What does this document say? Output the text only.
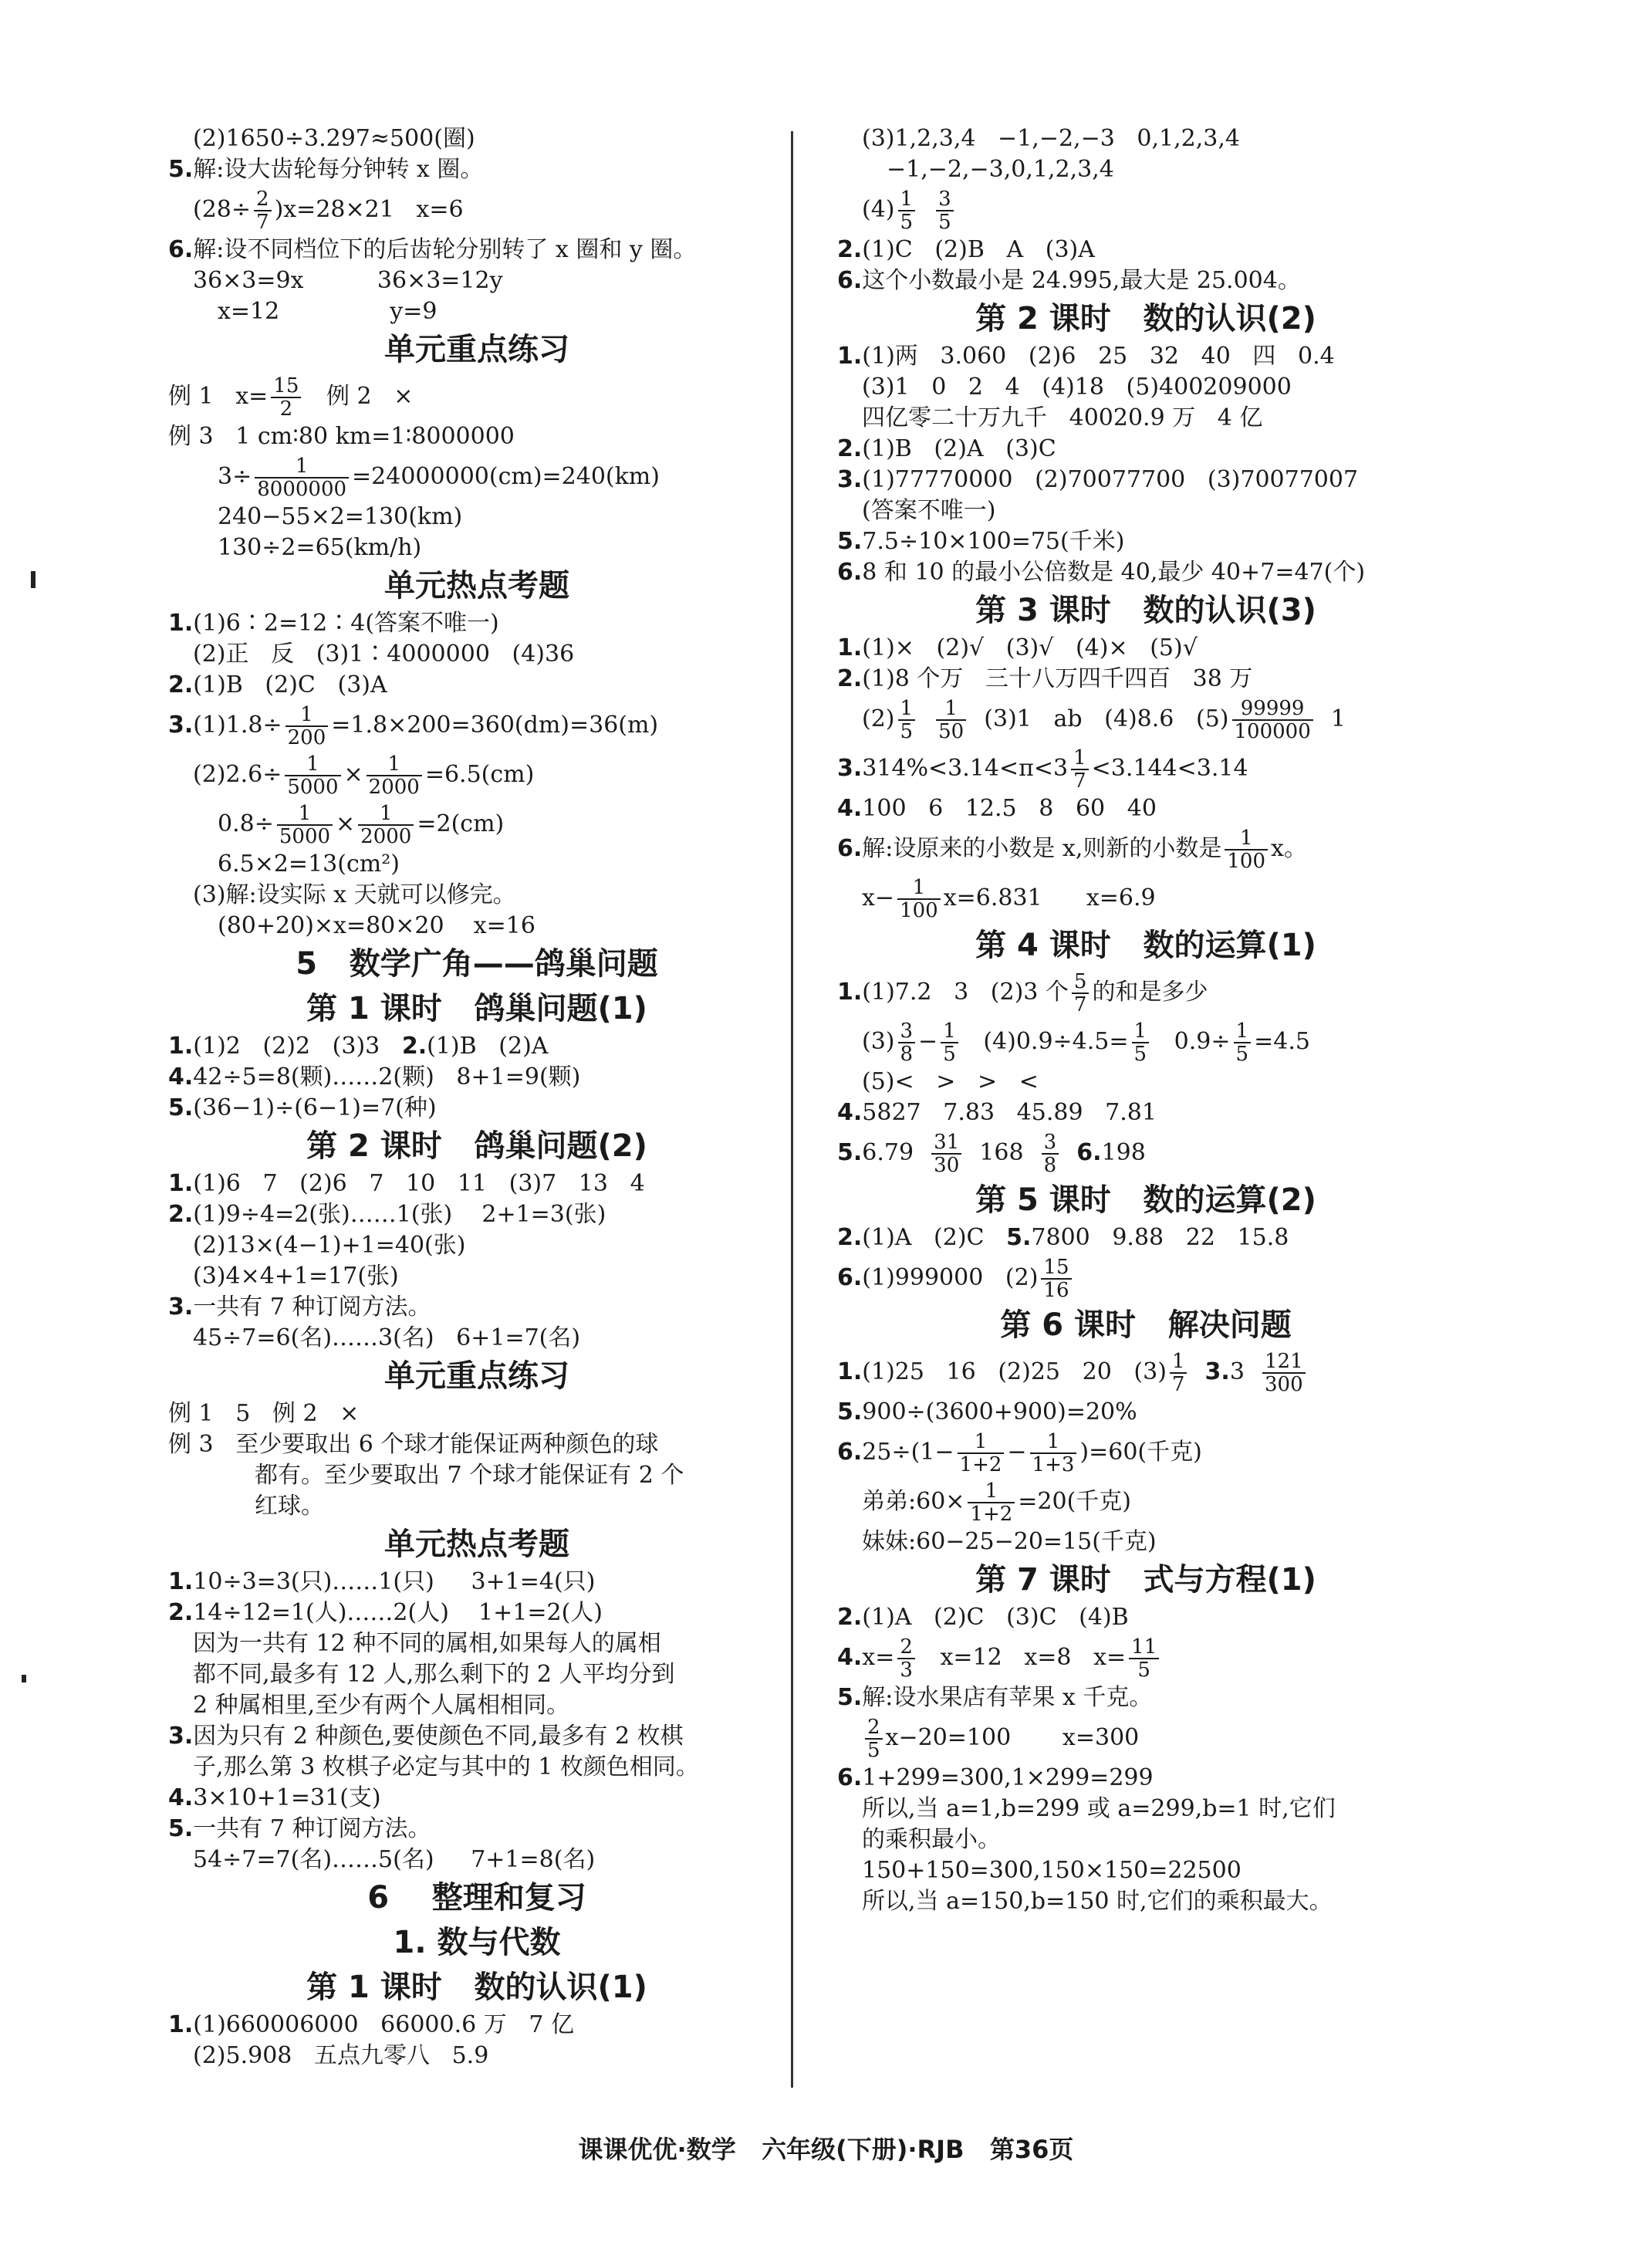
(2)1650÷3.297≈500(圈)
5.解:设大齿轮每分钟转 x 圈。
$(28\div \frac{2}{7} )x=28\times 21$   x=6
6.解:设不同档位下的后齿轮分别转了 x 圈和 y 圈。
36×3=9x          36×3=12y
x=12               y=9
单元重点练习
例 1   $x= \frac{15}{2}$ 例 2   ×
例 3   1 cm∶80 km=1∶8000000
$3\div \frac{1}{8000000} =24000000(cm)=240(km)$
240−55×2=130(km)
130÷2=65(km/h)
单元热点考题
1.(1)6∶2=12∶4(答案不唯一)
(2)正   反   (3)1∶4000000   (4)36
2.(1)B   (2)C   (3)A
$3.(1)1.8\div \frac{1}{200} =1.8\times 200=360(dm)=36(m)$
$(2)2.6\div \frac{1}{5000} \times \frac{1}{2000} =6.5(cm)$
$0.8\div \frac{1}{5000} \times \frac{1}{2000} =2(cm)$
6.5×2=13(cm²)
(3)解:设实际 x 天就可以修完。
(80+20)×x=80×20    x=16
5   数学广角——鸽巢问题
第 1 课时   鸽巢问题(1)
1.(1)2   (2)2   (3)3   2.(1)B   (2)A
4.42÷5=8(颗)……2(颗)   8+1=9(颗)
5.(36−1)÷(6−1)=7(种)
第 2 课时   鸽巢问题(2)
1.(1)6   7   (2)6   7   10   11   (3)7   13   4
2.(1)9÷4=2(张)……1(张)    2+1=3(张)
(2)13×(4−1)+1=40(张)
(3)4×4+1=17(张)
3.一共有 7 种订阅方法。
45÷7=6(名)……3(名)   6+1=7(名)
单元重点练习
例 1   5   例 2   ×
例 3   至少要取出 6 个球才能保证两种颜色的球
都有。至少要取出 7 个球才能保证有 2 个
红球。
单元热点考题
1.10÷3=3(只)……1(只)     3+1=4(只)
2.14÷12=1(人)……2(人)    1+1=2(人)
因为一共有 12 种不同的属相,如果每人的属相
都不同,最多有 12 人,那么剩下的 2 人平均分到
2 种属相里,至少有两个人属相相同。
3.因为只有 2 种颜色,要使颜色不同,最多有 2 枚棋
子,那么第 3 枚棋子必定与其中的 1 枚颜色相同。
4.3×10+1=31(支)
5.一共有 7 种订阅方法。
54÷7=7(名)……5(名)     7+1=8(名)
6    整理和复习
1. 数与代数
第 1 课时   数的认识(1)
1.(1)660006000   66000.6 万   7 亿
(2)5.908   五点九零八   5.9
(3)1,2,3,4   −1,−2,−3   0,1,2,3,4
−1,−2,−3,0,1,2,3,4
$(4) \frac{1}{5}$
$\frac{3}{5}$
2.(1)C   (2)B   A   (3)A
6.这个小数最小是 24.995,最大是 25.004。
第 2 课时   数的认识(2)
1.(1)两   3.060   (2)6   25   32   40   四   0.4
(3)1   0   2   4   (4)18   (5)400209000
四亿零二十万九千   40020.9 万   4 亿
2.(1)B   (2)A   (3)C
3.(1)77770000   (2)70077700   (3)70077007
(答案不唯一)
5.7.5÷10×100=75(千米)
6.8 和 10 的最小公倍数是 40,最少 40+7=47(个)
第 3 课时   数的认识(3)
1.(1)×   (2)√   (3)√   (4)×   (5)√
2.(1)8 个万   三十八万四千四百   38 万
$(2) \frac{1}{5}$
$\frac{1}{50} (3)1$   ab   (4)8.6   $(5) \frac{99999}{100000} 1$
$3.314\%<3.14<\pi<3 \frac{1}{7} <3.144<3.14$
4.100   6   12.5   8   60   40
6.解:设原来的小数是 x,则新的小数是 $\frac{1}{100}$ x。
$x- \frac{1}{100} x=6.831$      x=6.9
第 4 课时   数的运算(1)
1.(1)7.2   3   (2)3 个 $\frac{5}{7}$ 的和是多少
$(3) \frac{3}{8} - \frac{1}{5} (4)0.9\div 4.5= \frac{1}{5} 0.9\div \frac{1}{5} =4.5$
(5)<   >   >   <
4.5827   7.83   45.89   7.81
$5.6.79 \frac{31}{30} 168 \frac{3}{8} 6.198$
第 5 课时   数的运算(2)
2.(1)A   (2)C   5.7800   9.88   22   15.8
6.(1)999000   $(2) \frac{15}{16}$
第 6 课时   解决问题
1.(1)25   16   (2)25   20   $(3) \frac{1}{7} 3.3 \frac{121}{300}$
5.900÷(3600+900)=20%
$6.25\div(1- \frac{1}{1+2} - \frac{1}{1+3} )=60$(千克)
弟弟:60× $\frac{1}{1+2} =20$(千克)
妹妹:60−25−20=15(千克)
第 7 课时   式与方程(1)
2.(1)A   (2)C   (3)C   (4)B
$4.x= \frac{2}{3} x=12$   x=8   $x= \frac{11}{5}$
5.解:设水果店有苹果 x 千克。
$\frac{2}{5} x-20=100$       x=300
6.1+299=300,1×299=299
所以,当 a=1,b=299 或 a=299,b=1 时,它们
的乘积最小。
150+150=300,150×150=22500
所以,当 a=150,b=150 时,它们的乘积最大。
课课优优·数学   六年级(下册)·RJB   第36页
